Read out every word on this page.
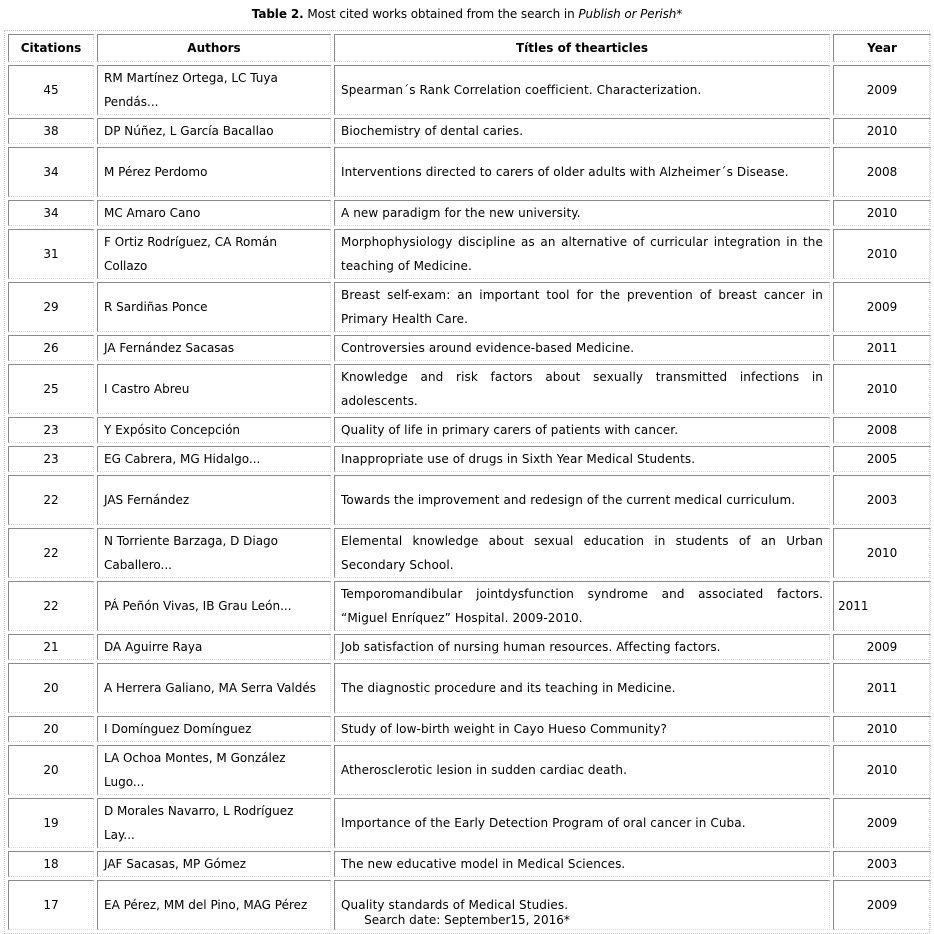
Table 2. Most cited works obtained from the search in Publish or Perish*
Citations	Authors	Títles of thearticles	Year
45	RM Martínez Ortega, LC Tuya Pendás...	Spearman´s Rank Correlation coefficient. Characterization.	2009
38	DP Núñez, L García Bacallao	Biochemistry of dental caries.	2010
34	M Pérez Perdomo	Interventions directed to carers of older adults with Alzheimer´s Disease.	2008
34	MC Amaro Cano	A new paradigm for the new university.	2010
31	F Ortiz Rodríguez, CA Román Collazo	Morphophysiology discipline as an alternative of curricular integration in the teaching of Medicine.	2010
29	R Sardiñas Ponce	Breast self-exam: an important tool for the prevention of breast cancer in Primary Health Care.	2009
26	JA Fernández Sacasas	Controversies around evidence-based Medicine.	2011
25	I Castro Abreu	Knowledge and risk factors about sexually transmitted infections in adolescents.	2010
23	Y Expósito Concepción	Quality of life in primary carers of patients with cancer.	2008
23	EG Cabrera, MG Hidalgo...	Inappropriate use of drugs in Sixth Year Medical Students.	2005
22	JAS Fernández	Towards the improvement and redesign of the current medical curriculum.	2003
22	N Torriente Barzaga, D Diago Caballero...	Elemental knowledge about sexual education in students of an Urban Secondary School.	2010
22	PÁ Peñón Vivas, IB Grau León...	Temporomandibular jointdysfunction syndrome and associated factors. “Miguel Enríquez” Hospital. 2009-2010.	2011
21	DA Aguirre Raya	Job satisfaction of nursing human resources. Affecting factors.	2009
20	A Herrera Galiano, MA Serra Valdés	The diagnostic procedure and its teaching in Medicine.	2011
20	I Domínguez Domínguez	Study of low-birth weight in Cayo Hueso Community?	2010
20	LA Ochoa Montes, M González Lugo...	Atherosclerotic lesion in sudden cardiac death.	2010
19	D Morales Navarro, L Rodríguez Lay...	Importance of the Early Detection Program of oral cancer in Cuba.	2009
18	JAF Sacasas, MP Gómez	The new educative model in Medical Sciences.	2003
17	EA Pérez, MM del Pino, MAG Pérez	Quality standards of Medical Studies.	2009
Search date: September15, 2016*
